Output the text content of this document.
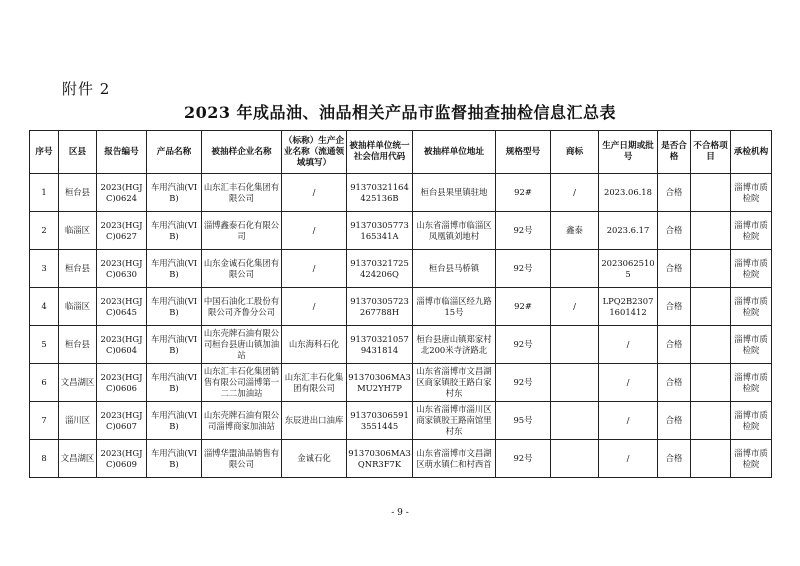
附件 2
2023 年成品油、油品相关产品市监督抽查抽检信息汇总表
序号	区县	报告编号	产品名称	被抽样企业名称	（标称）生产企业名称（流通领域填写）	被抽样单位统一社会信用代码	被抽样单位地址	规格型号	商标	生产日期或批号	是否合格	不合格项目	承检机构
1	桓台县	2023(HGJC)0624	车用汽油(VIB)	山东汇丰石化集团有限公司	/	91370321164425136B	桓台县果里镇驻地	92#	/	2023.06.18	合格		淄博市质检院
2	临淄区	2023(HGJC)0627	车用汽油(VIB)	淄博鑫泰石化有限公司	/	91370305773165341A	山东省淄博市临淄区凤凰镇刘地村	92号	鑫泰	2023.6.17	合格		淄博市质检院
3	桓台县	2023(HGJC)0630	车用汽油(VIB)	山东金诚石化集团有限公司	/	91370321725424206Q	桓台县马桥镇	92号		20230625105	合格		淄博市质检院
4	临淄区	2023(HGJC)0645	车用汽油(VIB)	中国石油化工股份有限公司齐鲁分公司	/	91370305723267788H	淄博市临淄区经九路15号	92#	/	LPQ2B23071601412	合格		淄博市质检院
5	桓台县	2023(HGJC)0604	车用汽油(VIB)	山东壳牌石油有限公司桓台县唐山镇加油站	山东海科石化	913703210579431814	桓台县唐山镇郑家村北200米寺济路北	92号		/	合格		淄博市质检院
6	文昌湖区	2023(HGJC)0606	车用汽油(VIB)	山东汇丰石化集团销售有限公司淄博第一二二加油站	山东汇丰石化集团有限公司	91370306MA3MU2YH7P	山东省淄博市文昌湖区商家镇胶王路白家村东	92号		/	合格		淄博市质检院
7	淄川区	2023(HGJC)0607	车用汽油(VIB)	山东壳牌石油有限公司淄博商家加油站	东辰进出口油库	913703065913551445	山东省淄博市淄川区商家镇胶王路南馆里村东	95号		/	合格		淄博市质检院
8	文昌湖区	2023(HGJC)0609	车用汽油(VIB)	淄博华盟油品销售有限公司	金诚石化	91370306MA3QNR3F7K	山东省淄博市文昌湖区萌水镇仁和村西首	92号		/	合格		淄博市质检院
- 9 -
